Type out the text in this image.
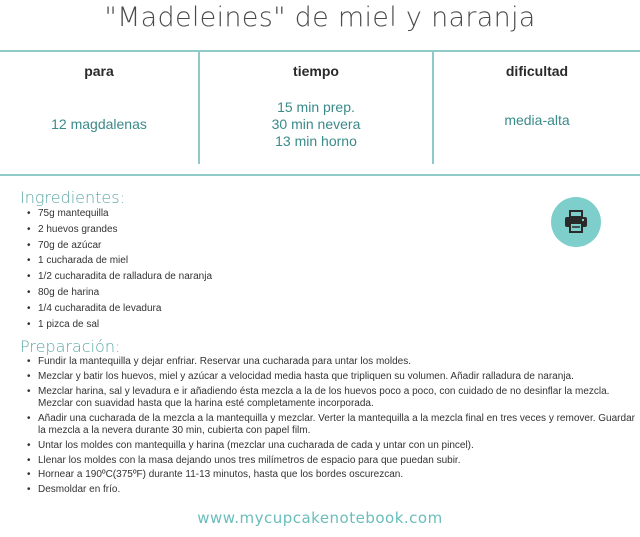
"Madeleines" de miel y naranja
para
12 magdalenas
tiempo
15 min prep.
30 min nevera
13 min horno
dificultad
media-alta
Ingredientes:
• 75g mantequilla
• 2 huevos grandes
• 70g de azúcar
• 1 cucharada de miel
• 1/2 cucharadita de ralladura de naranja
• 80g de harina
• 1/4 cucharadita de levadura
• 1 pizca de sal
Preparación:
• Fundir la mantequilla y dejar enfriar. Reservar una cucharada para untar los moldes.
• Mezclar y batir los huevos, miel y azúcar a velocidad media hasta que tripliquen su volumen. Añadir ralladura de naranja.
• Mezclar harina, sal y levadura e ir añadiendo ésta mezcla a la de los huevos poco a poco, con cuidado de no desinflar la mezcla. Mezclar con suavidad hasta que la harina esté completamente incorporada.
• Añadir una cucharada de la mezcla a la mantequilla y mezclar. Verter la mantequilla a la mezcla final en tres veces y remover. Guardar la mezcla a la nevera durante 30 min, cubierta con papel film.
• Untar los moldes con mantequilla y harina (mezclar una cucharada de cada y untar con un pincel).
• Llenar los moldes con la masa dejando unos tres milímetros de espacio para que puedan subir.
• Hornear a 190ºC(375ºF) durante 11-13 minutos, hasta que los bordes oscurezcan.
• Desmoldar en frío.
www.mycupcakenotebook.com
